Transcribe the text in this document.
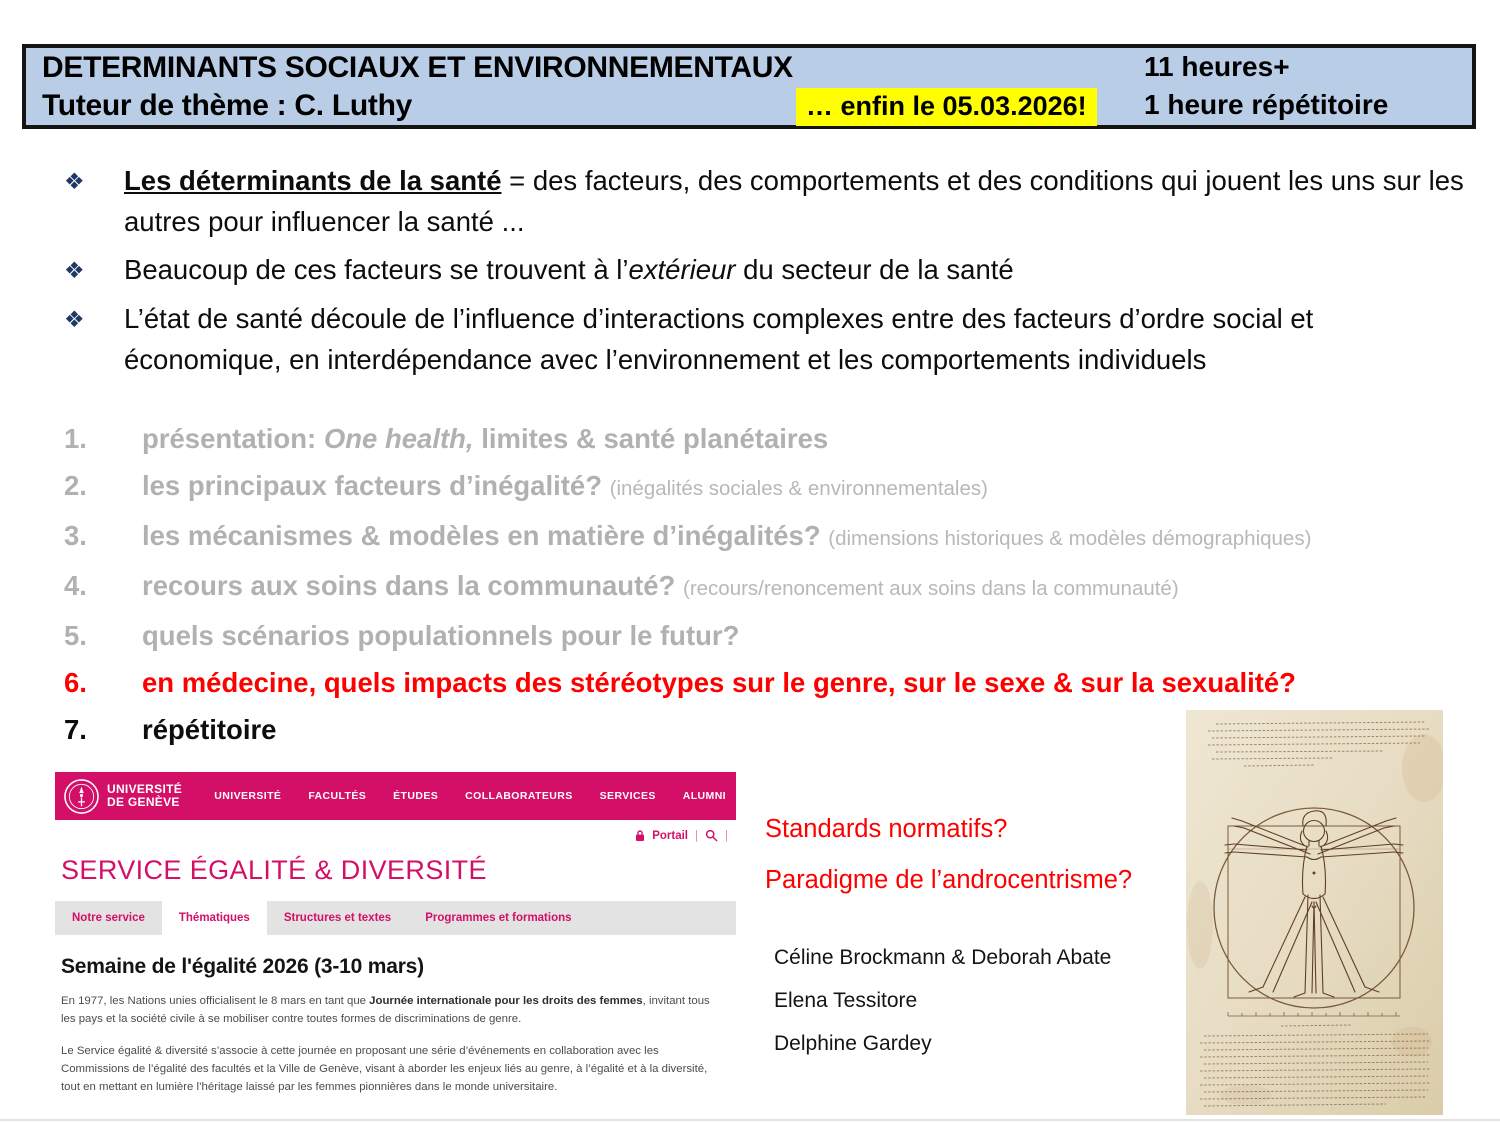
DETERMINANTS SOCIAUX ET ENVIRONNEMENTAUX
Tuteur de thème : C. Luthy
11 heures+
1 heure répétitoire
… enfin le 05.03.2026!
❖	Les déterminants de la santé = des facteurs, des comportements et des conditions qui jouent les uns sur les autres pour influencer la santé ...
❖	Beaucoup de ces facteurs se trouvent à l’extérieur du secteur de la santé
❖	L’état de santé découle de l’influence d’interactions complexes entre des facteurs d’ordre social et économique, en interdépendance avec l’environnement et les comportements individuels
1.	présentation: One health, limites & santé planétaires
2.	les principaux facteurs d’inégalité? (inégalités sociales & environnementales)
3.	les mécanismes & modèles en matière d’inégalités? (dimensions historiques & modèles démographiques)
4.	recours aux soins dans la communauté? (recours/renoncement aux soins dans la communauté)
5.	quels scénarios populationnels pour le futur?
6.	en médecine, quels impacts des stéréotypes sur le genre, sur le sexe & sur la sexualité?
7.	répétitoire
UNIVERSITÉ
DE GENÈVE	UNIVERSITÉ	FACULTÉS	ÉTUDES	COLLABORATEURS	SERVICES	ALUMNI
Portail | |
SERVICE ÉGALITÉ & DIVERSITÉ
Notre service	Thématiques	Structures et textes	Programmes et formations
Semaine de l'égalité 2026 (3-10 mars)

En 1977, les Nations unies officialisent le 8 mars en tant que Journée internationale pour les droits des femmes, invitant tous les pays et la société civile à se mobiliser contre toutes formes de discriminations de genre.

Le Service égalité & diversité s’associe à cette journée en proposant une série d’événements en collaboration avec les Commissions de l’égalité des facultés et la Ville de Genève, visant à aborder les enjeux liés au genre, à l’égalité et à la diversité, tout en mettant en lumière l’héritage laissé par les femmes pionnières dans le monde universitaire.

Standards normatifs?
Paradigme de l’androcentrisme?
Céline Brockmann & Deborah Abate
Elena Tessitore
Delphine Gardey
